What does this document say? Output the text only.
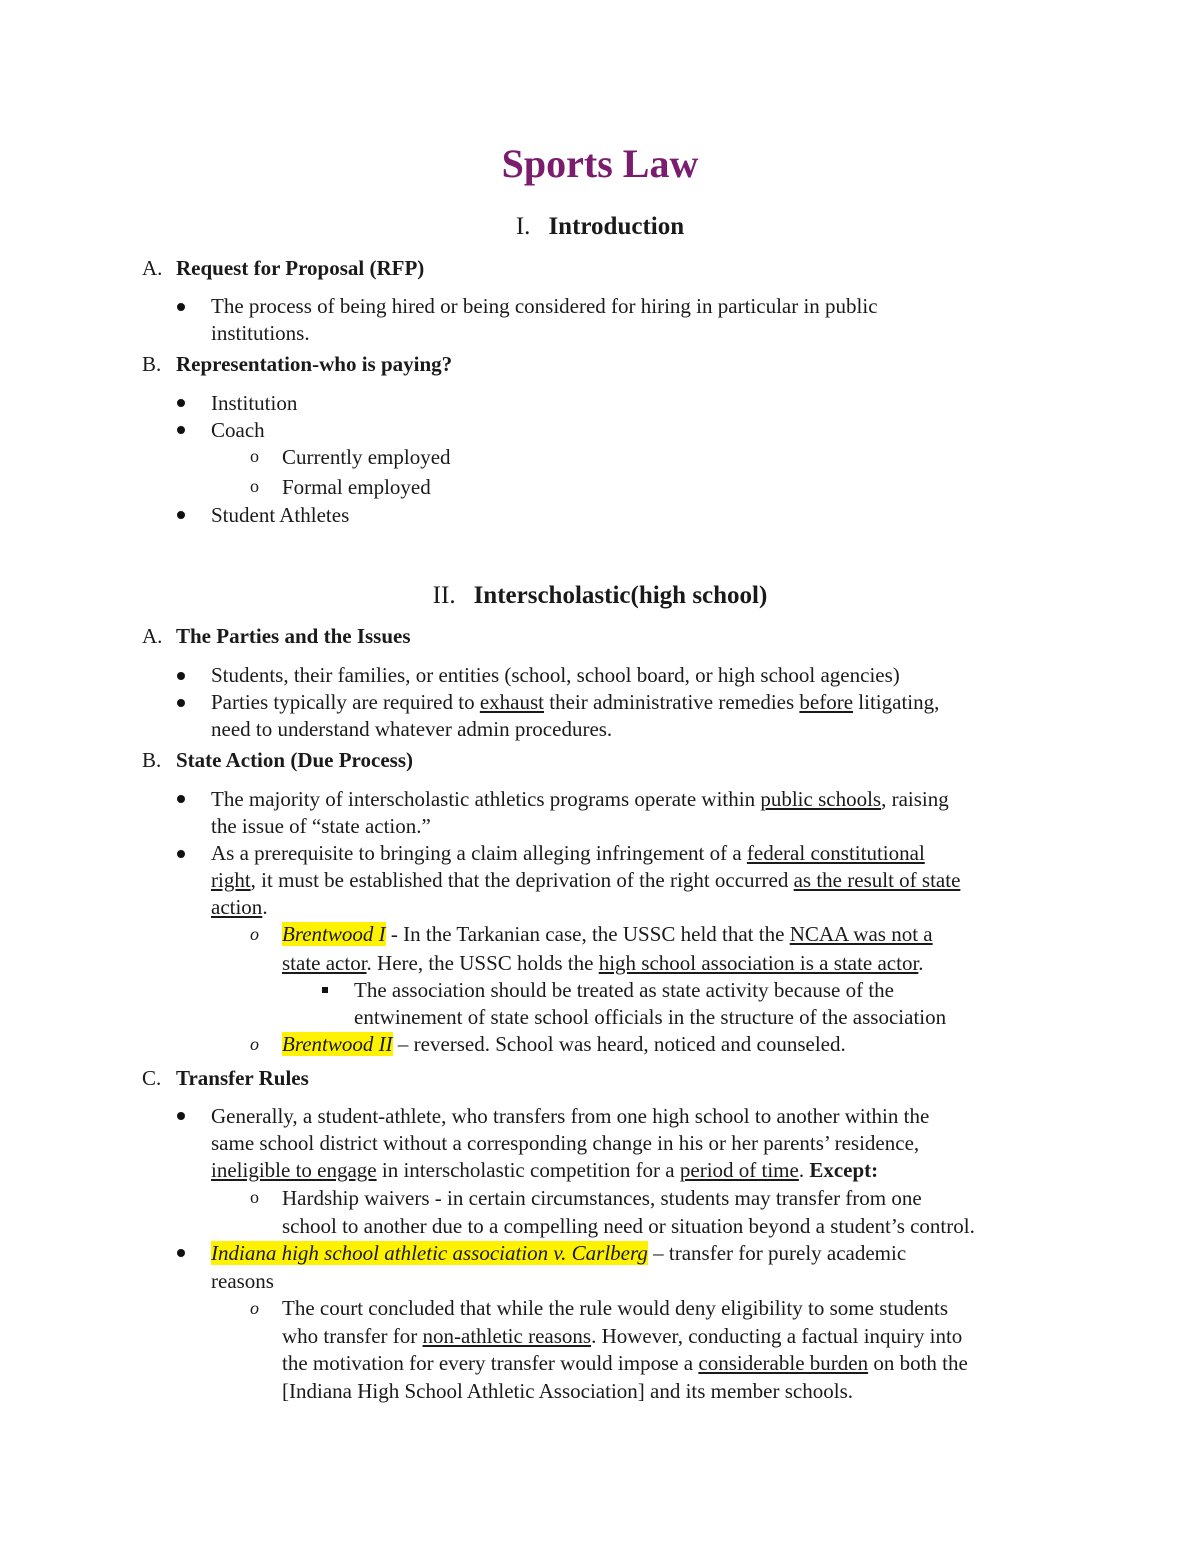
Sports Law
I. Introduction
A. Request for Proposal (RFP)
The process of being hired or being considered for hiring in particular in public
institutions.
B. Representation-who is paying?
Institution
Coach
o Currently employed
o Formal employed
Student Athletes
II. Interscholastic(high school)
A. The Parties and the Issues
Students, their families, or entities (school, school board, or high school agencies)
Parties typically are required to exhaust their administrative remedies before litigating,
need to understand whatever admin procedures.
B. State Action (Due Process)
The majority of interscholastic athletics programs operate within public schools, raising
the issue of “state action.”
As a prerequisite to bringing a claim alleging infringement of a federal constitutional
right, it must be established that the deprivation of the right occurred as the result of state
action.
o Brentwood I - In the Tarkanian case, the USSC held that the NCAA was not a
state actor. Here, the USSC holds the high school association is a state actor.
The association should be treated as state activity because of the
entwinement of state school officials in the structure of the association
o Brentwood II – reversed. School was heard, noticed and counseled.
C. Transfer Rules
Generally, a student-athlete, who transfers from one high school to another within the
same school district without a corresponding change in his or her parents’ residence,
ineligible to engage in interscholastic competition for a period of time. Except:
o Hardship waivers - in certain circumstances, students may transfer from one
school to another due to a compelling need or situation beyond a student’s control.
Indiana high school athletic association v. Carlberg – transfer for purely academic
reasons
o The court concluded that while the rule would deny eligibility to some students
who transfer for non-athletic reasons. However, conducting a factual inquiry into
the motivation for every transfer would impose a considerable burden on both the
[Indiana High School Athletic Association] and its member schools.
